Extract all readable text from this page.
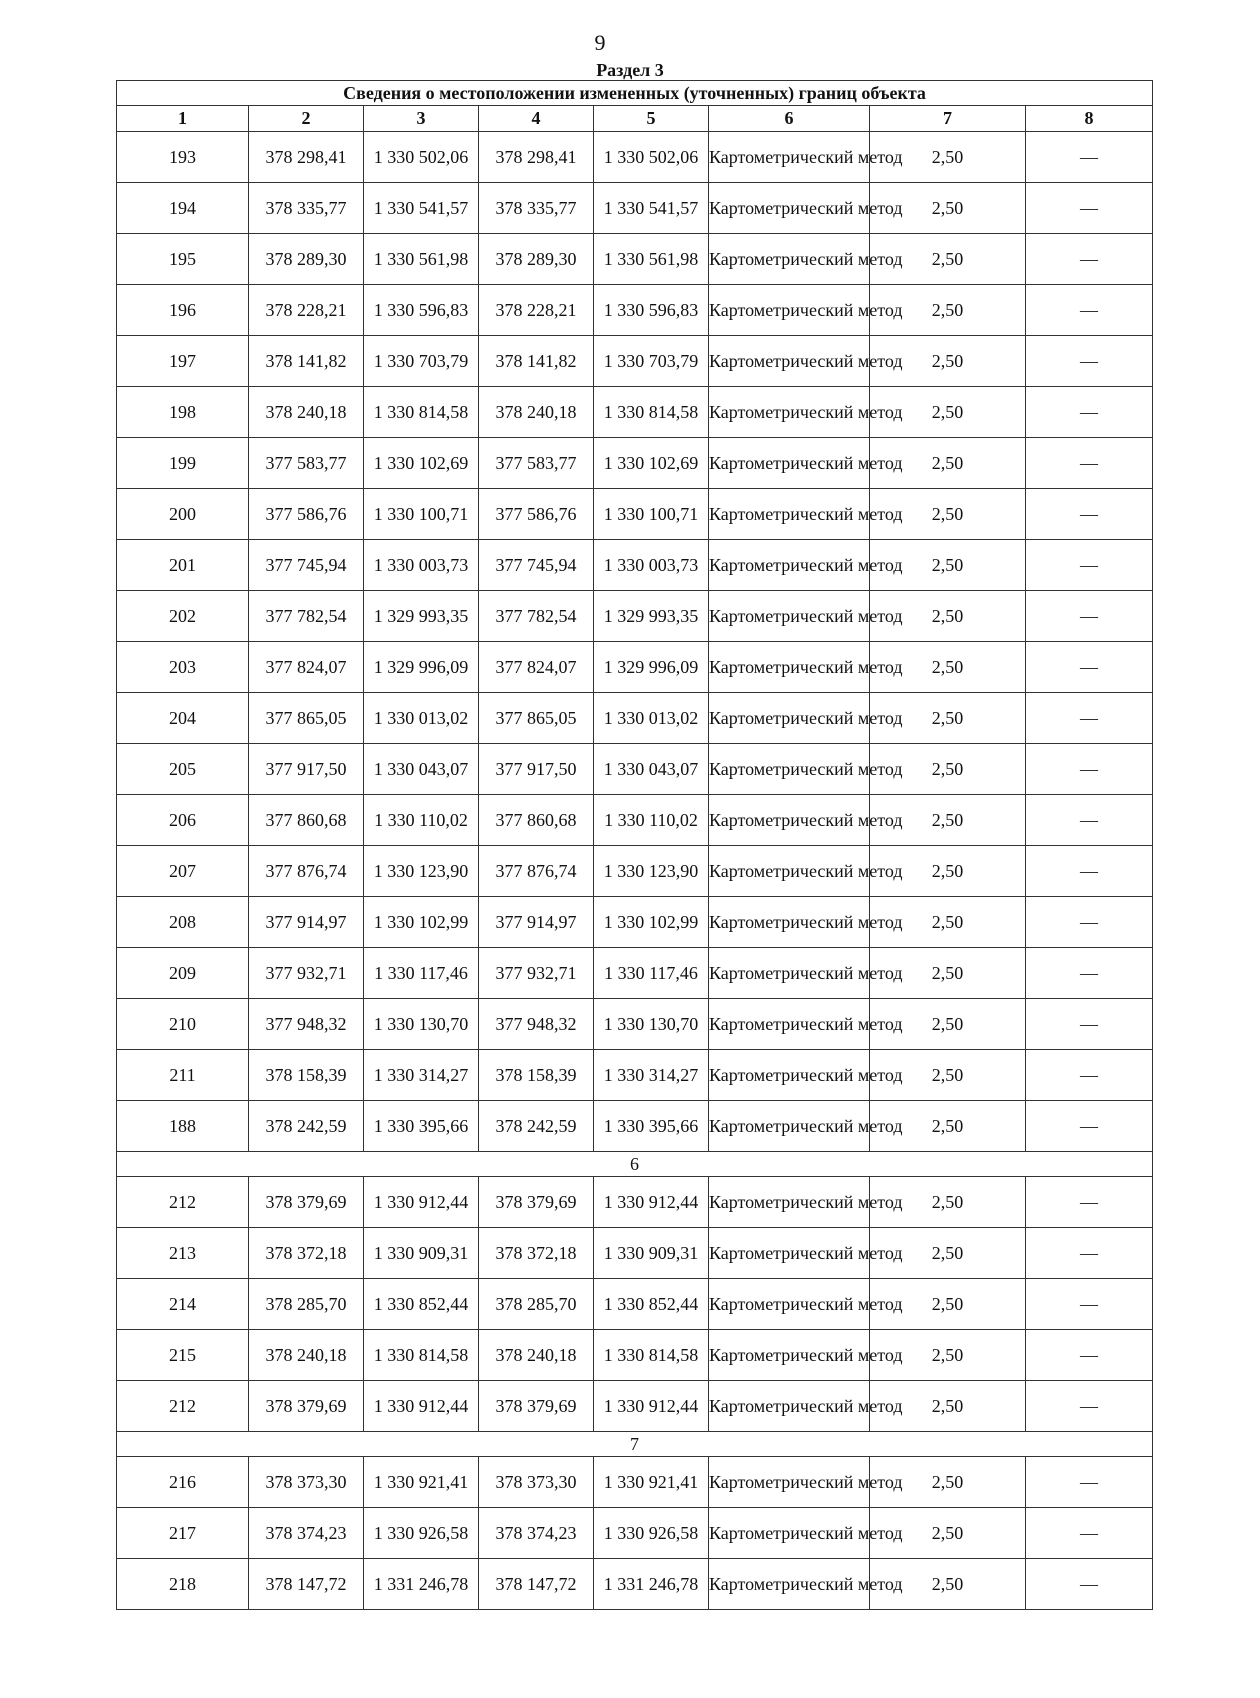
9
Раздел 3
Сведения о местоположении измененных (уточненных) границ объекта							
1	2	3	4	5	6	7	8
193	378 298,41	1 330 502,06	378 298,41	1 330 502,06	Картометрический метод	2,50	—
194	378 335,77	1 330 541,57	378 335,77	1 330 541,57	Картометрический метод	2,50	—
195	378 289,30	1 330 561,98	378 289,30	1 330 561,98	Картометрический метод	2,50	—
196	378 228,21	1 330 596,83	378 228,21	1 330 596,83	Картометрический метод	2,50	—
197	378 141,82	1 330 703,79	378 141,82	1 330 703,79	Картометрический метод	2,50	—
198	378 240,18	1 330 814,58	378 240,18	1 330 814,58	Картометрический метод	2,50	—
199	377 583,77	1 330 102,69	377 583,77	1 330 102,69	Картометрический метод	2,50	—
200	377 586,76	1 330 100,71	377 586,76	1 330 100,71	Картометрический метод	2,50	—
201	377 745,94	1 330 003,73	377 745,94	1 330 003,73	Картометрический метод	2,50	—
202	377 782,54	1 329 993,35	377 782,54	1 329 993,35	Картометрический метод	2,50	—
203	377 824,07	1 329 996,09	377 824,07	1 329 996,09	Картометрический метод	2,50	—
204	377 865,05	1 330 013,02	377 865,05	1 330 013,02	Картометрический метод	2,50	—
205	377 917,50	1 330 043,07	377 917,50	1 330 043,07	Картометрический метод	2,50	—
206	377 860,68	1 330 110,02	377 860,68	1 330 110,02	Картометрический метод	2,50	—
207	377 876,74	1 330 123,90	377 876,74	1 330 123,90	Картометрический метод	2,50	—
208	377 914,97	1 330 102,99	377 914,97	1 330 102,99	Картометрический метод	2,50	—
209	377 932,71	1 330 117,46	377 932,71	1 330 117,46	Картометрический метод	2,50	—
210	377 948,32	1 330 130,70	377 948,32	1 330 130,70	Картометрический метод	2,50	—
211	378 158,39	1 330 314,27	378 158,39	1 330 314,27	Картометрический метод	2,50	—
188	378 242,59	1 330 395,66	378 242,59	1 330 395,66	Картометрический метод	2,50	—
6							
212	378 379,69	1 330 912,44	378 379,69	1 330 912,44	Картометрический метод	2,50	—
213	378 372,18	1 330 909,31	378 372,18	1 330 909,31	Картометрический метод	2,50	—
214	378 285,70	1 330 852,44	378 285,70	1 330 852,44	Картометрический метод	2,50	—
215	378 240,18	1 330 814,58	378 240,18	1 330 814,58	Картометрический метод	2,50	—
212	378 379,69	1 330 912,44	378 379,69	1 330 912,44	Картометрический метод	2,50	—
7							
216	378 373,30	1 330 921,41	378 373,30	1 330 921,41	Картометрический метод	2,50	—
217	378 374,23	1 330 926,58	378 374,23	1 330 926,58	Картометрический метод	2,50	—
218	378 147,72	1 331 246,78	378 147,72	1 331 246,78	Картометрический метод	2,50	—
